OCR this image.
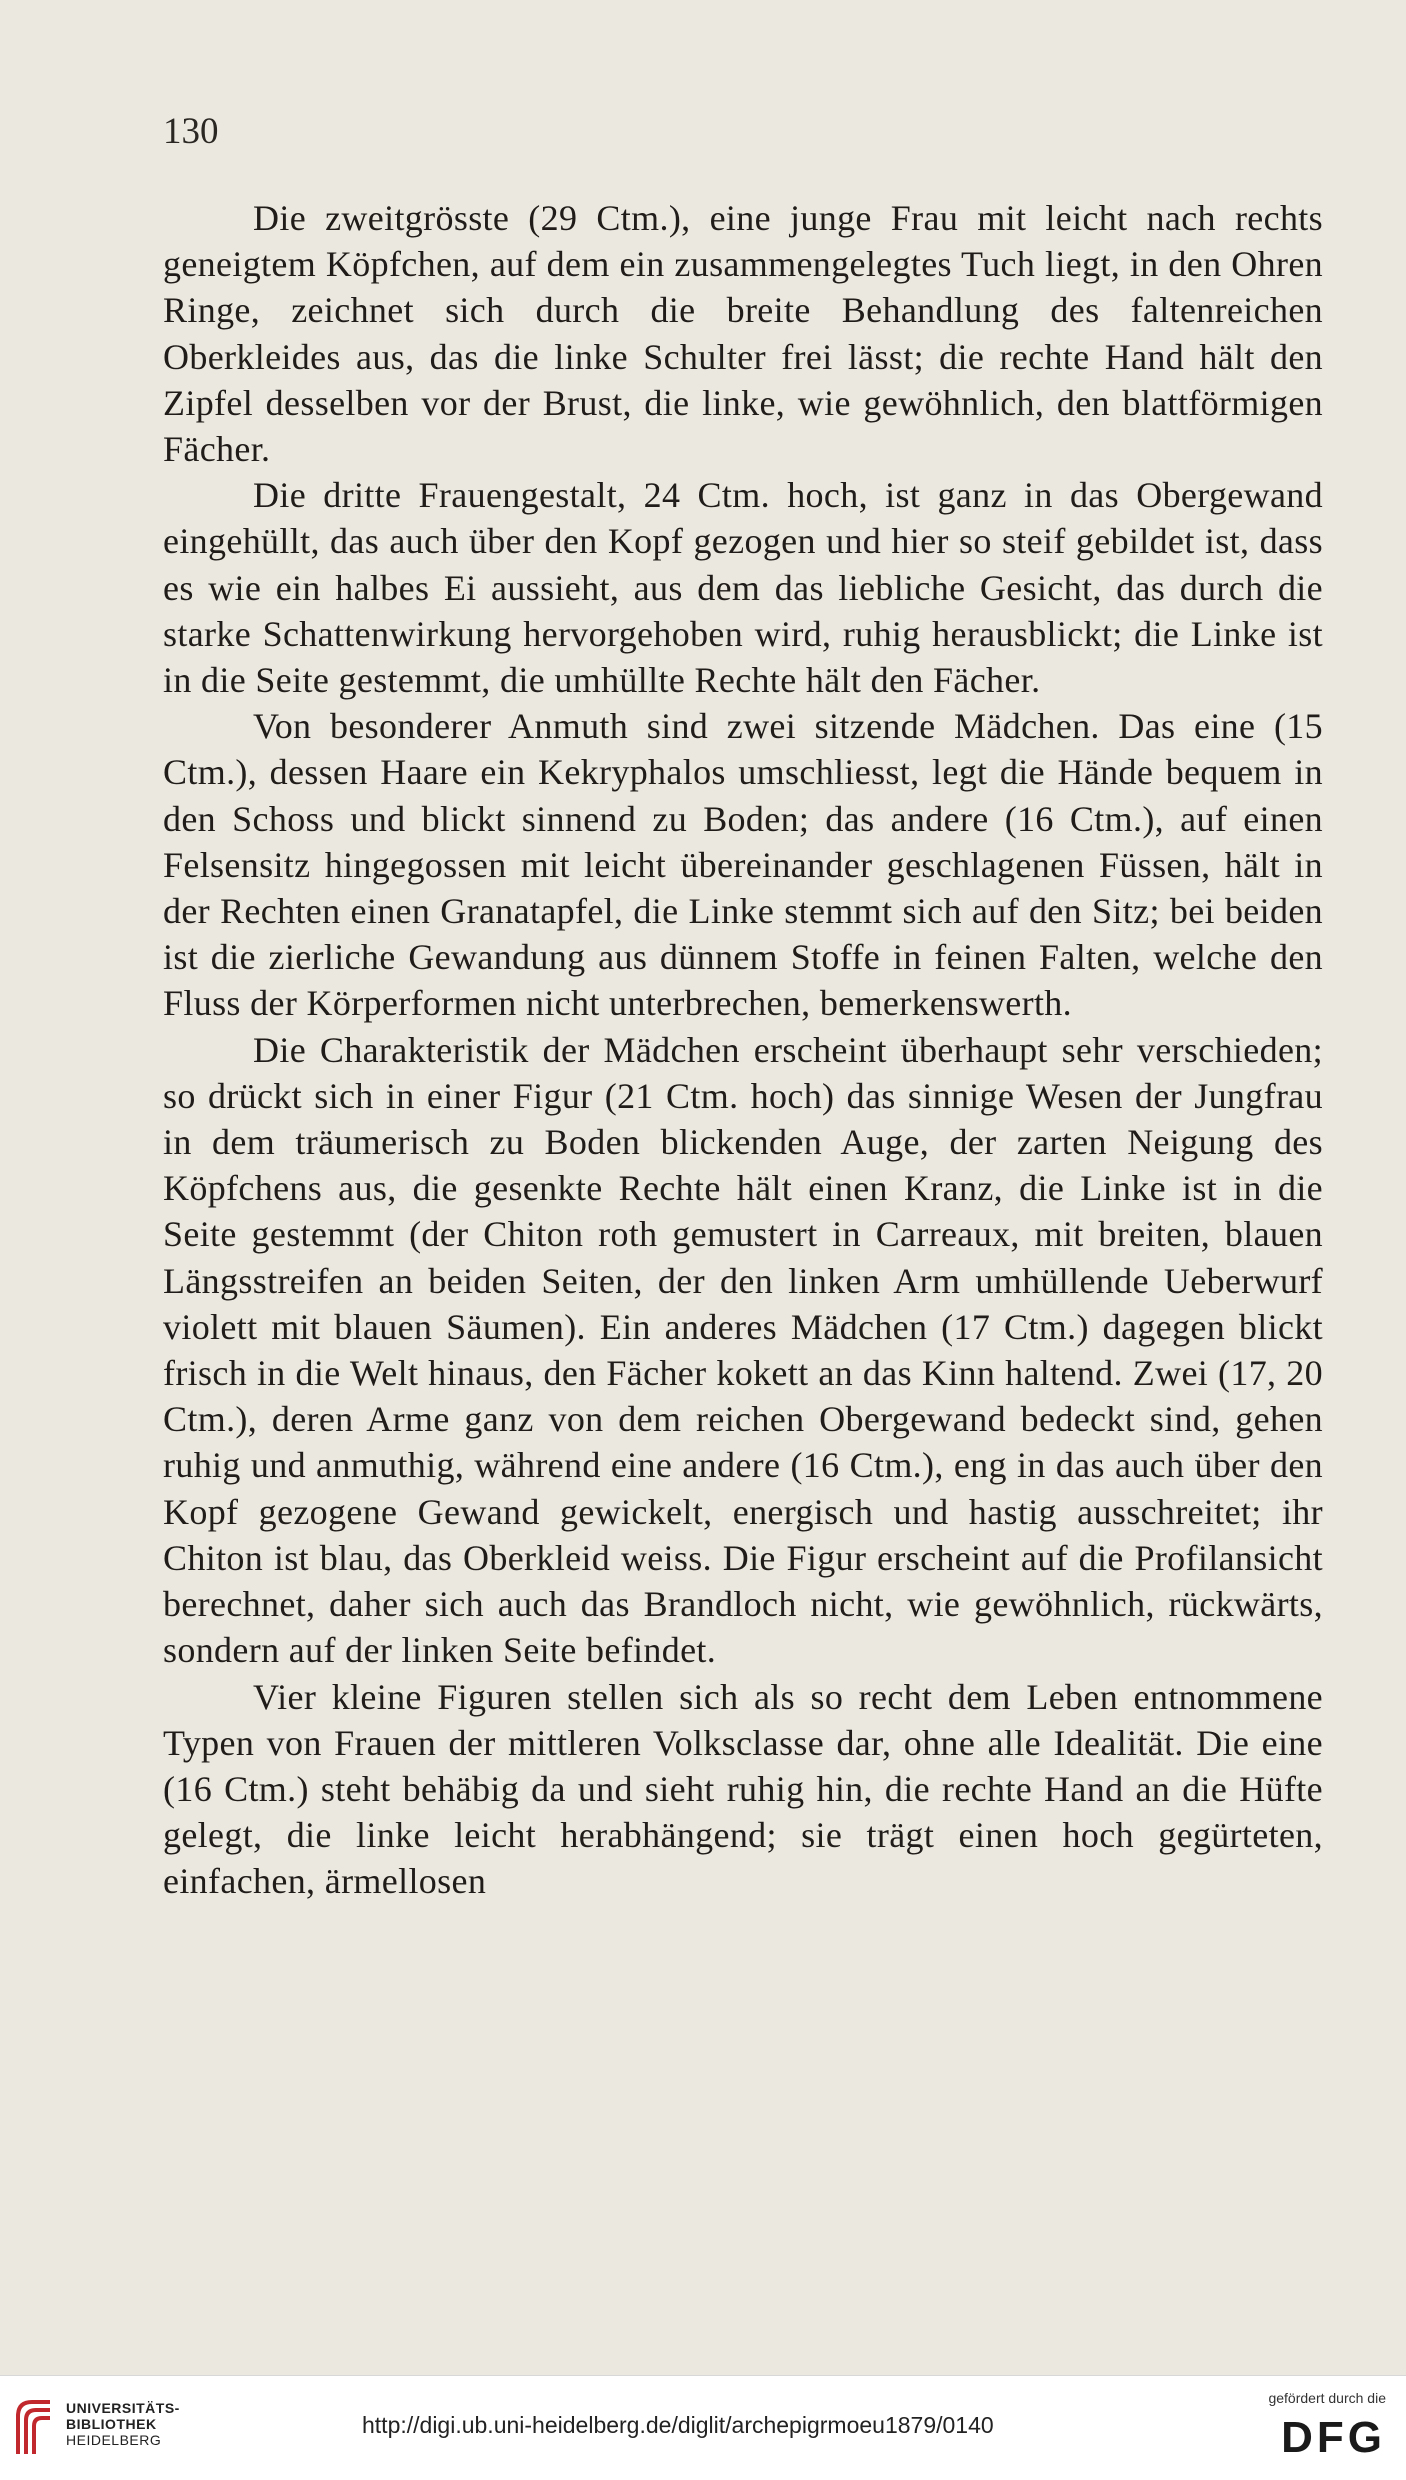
130

Die zweitgrösste (29 Ctm.), eine junge Frau mit leicht nach rechts geneigtem Köpfchen, auf dem ein zusammengelegtes Tuch liegt, in den Ohren Ringe, zeichnet sich durch die breite Behandlung des faltenreichen Oberkleides aus, das die linke Schulter frei lässt; die rechte Hand hält den Zipfel desselben vor der Brust, die linke, wie gewöhnlich, den blattförmigen Fächer.

Die dritte Frauengestalt, 24 Ctm. hoch, ist ganz in das Obergewand eingehüllt, das auch über den Kopf gezogen und hier so steif gebildet ist, dass es wie ein halbes Ei aussieht, aus dem das liebliche Gesicht, das durch die starke Schattenwirkung hervorgehoben wird, ruhig herausblickt; die Linke ist in die Seite gestemmt, die umhüllte Rechte hält den Fächer.

Von besonderer Anmuth sind zwei sitzende Mädchen. Das eine (15 Ctm.), dessen Haare ein Kekryphalos umschliesst, legt die Hände bequem in den Schoss und blickt sinnend zu Boden; das andere (16 Ctm.), auf einen Felsensitz hingegossen mit leicht übereinander geschlagenen Füssen, hält in der Rechten einen Granatapfel, die Linke stemmt sich auf den Sitz; bei beiden ist die zierliche Gewandung aus dünnem Stoffe in feinen Falten, welche den Fluss der Körperformen nicht unterbrechen, bemerkenswerth.

Die Charakteristik der Mädchen erscheint überhaupt sehr verschieden; so drückt sich in einer Figur (21 Ctm. hoch) das sinnige Wesen der Jungfrau in dem träumerisch zu Boden blickenden Auge, der zarten Neigung des Köpfchens aus, die gesenkte Rechte hält einen Kranz, die Linke ist in die Seite gestemmt (der Chiton roth gemustert in Carreaux, mit breiten, blauen Längsstreifen an beiden Seiten, der den linken Arm umhüllende Ueberwurf violett mit blauen Säumen). Ein anderes Mädchen (17 Ctm.) dagegen blickt frisch in die Welt hinaus, den Fächer kokett an das Kinn haltend. Zwei (17, 20 Ctm.), deren Arme ganz von dem reichen Obergewand bedeckt sind, gehen ruhig und anmuthig, während eine andere (16 Ctm.), eng in das auch über den Kopf gezogene Gewand gewickelt, energisch und hastig ausschreitet; ihr Chiton ist blau, das Oberkleid weiss. Die Figur erscheint auf die Profilansicht berechnet, daher sich auch das Brandloch nicht, wie gewöhnlich, rückwärts, sondern auf der linken Seite befindet.

Vier kleine Figuren stellen sich als so recht dem Leben entnommene Typen von Frauen der mittleren Volksclasse dar, ohne alle Idealität. Die eine (16 Ctm.) steht behäbig da und sieht ruhig hin, die rechte Hand an die Hüfte gelegt, die linke leicht herabhängend; sie trägt einen hoch gegürteten, einfachen, ärmellosen

UNIVERSITÄTS-
BIBLIOTHEK
HEIDELBERG
http://digi.ub.uni-heidelberg.de/diglit/archepigrmoeu1879/0140
gefördert durch die
DFG
